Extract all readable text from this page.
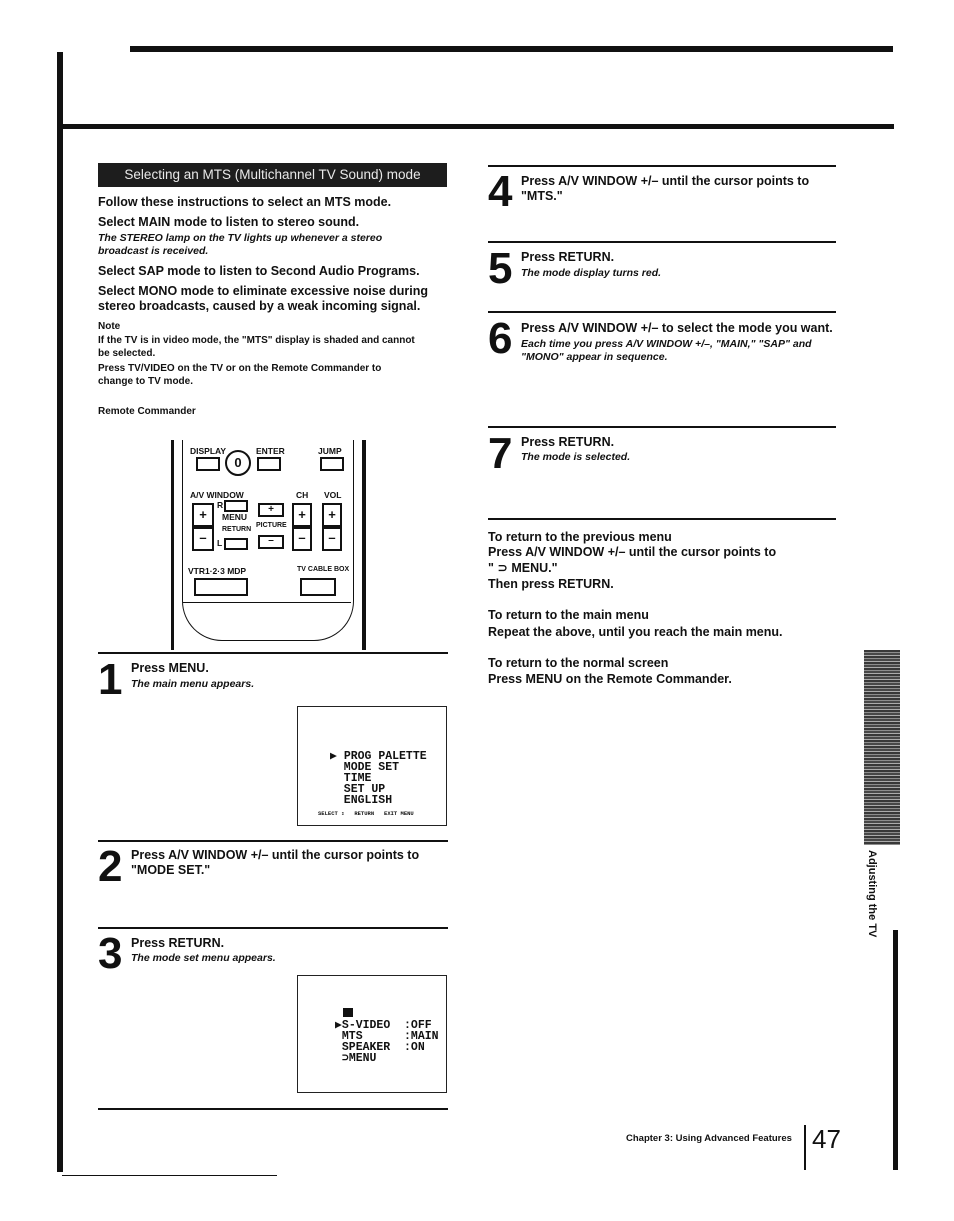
Selecting an MTS (Multichannel TV Sound) mode
Follow these instructions to select an MTS mode.
Select MAIN mode to listen to stereo sound.
The STEREO lamp on the TV lights up whenever a stereo
broadcast is received.
Select SAP mode to listen to Second Audio Programs.
Select MONO mode to eliminate excessive noise during
stereo broadcasts, caused by a weak incoming signal.
Note
If the TV is in video mode, the "MTS" display is shaded and cannot
be selected.
Press TV/VIDEO on the TV or on the Remote Commander to
change to TV mode.
Remote Commander
DISPLAY	ENTER	JUMP
0
A/V WINDOW	CH VOL
+
–
R
MENU
RETURN
L
+
PICTURE
–
+
–
+
–
VTR1·2·3 MDP	TV CABLE BOX
1 Press MENU.
The main menu appears.
▶ PROG PALETTE
MODE SET
TIME
SET UP
ENGLISH
SELECT ⇕   RETURN   EXIT MENU
2 Press A/V WINDOW +/– until the cursor points to
"MODE SET."
3 Press RETURN.
The mode set menu appears.
▶S-VIDEO  :OFF
MTS      :MAIN
SPEAKER  :ON
⊃MENU
4 Press A/V WINDOW +/– until the cursor points to
"MTS."
5 Press RETURN.
The mode display turns red.
6 Press A/V WINDOW +/– to select the mode you want.
Each time you press A/V WINDOW +/–, "MAIN," "SAP" and
"MONO" appear in sequence.
7 Press RETURN.
The mode is selected.
To return to the previous menu
Press A/V WINDOW +/– until the cursor points to
" ⊃ MENU."
Then press RETURN.
To return to the main menu
Repeat the above, until you reach the main menu.
To return to the normal screen
Press MENU on the Remote Commander.
Adjusting the TV
Chapter 3: Using Advanced Features 47
